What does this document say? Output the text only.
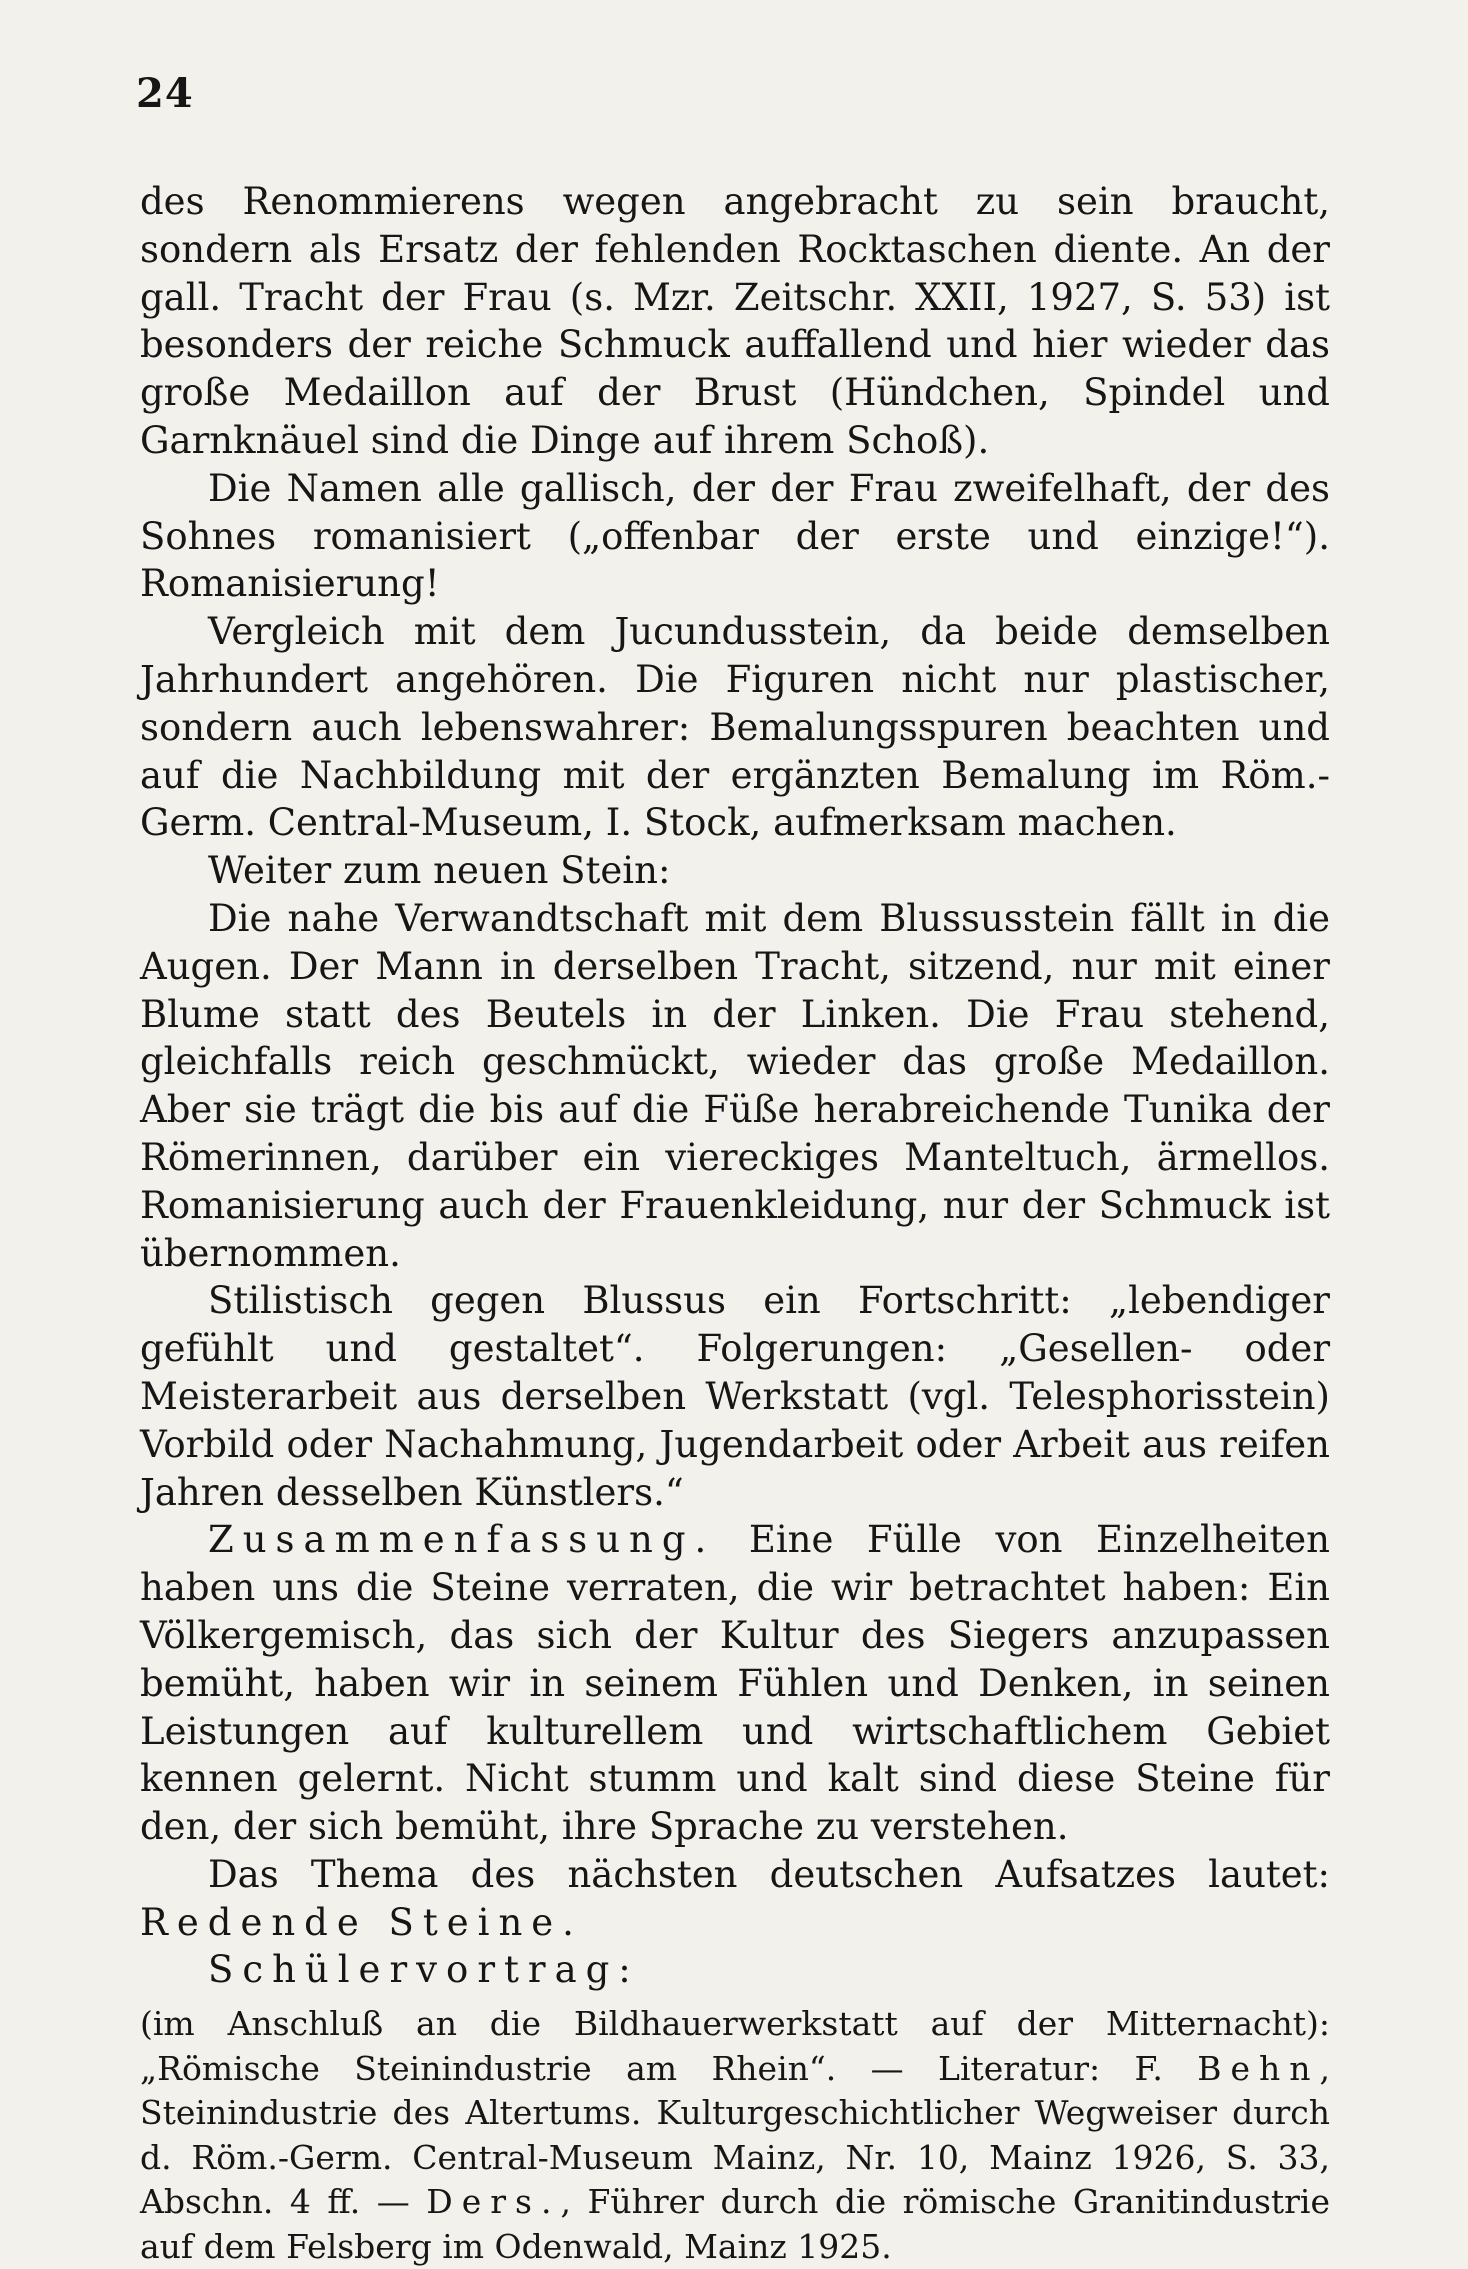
24

des Renommierens wegen angebracht zu sein braucht, sondern als Ersatz der fehlenden Rocktaschen diente. An der gall. Tracht der Frau (s. Mzr. Zeitschr. XXII, 1927, S. 53) ist besonders der reiche Schmuck auffallend und hier wieder das große Medaillon auf der Brust (Hündchen, Spindel und Garnknäuel sind die Dinge auf ihrem Schoß).

Die Namen alle gallisch, der der Frau zweifelhaft, der des Sohnes romanisiert („offenbar der erste und einzige!“). Romanisierung!

Vergleich mit dem Jucundusstein, da beide demselben Jahrhundert angehören. Die Figuren nicht nur plastischer, sondern auch lebenswahrer: Bemalungsspuren beachten und auf die Nachbildung mit der ergänzten Bemalung im Röm.-Germ. Central-Museum, I. Stock, aufmerksam machen.

Weiter zum neuen Stein:

Die nahe Verwandtschaft mit dem Blussusstein fällt in die Augen. Der Mann in derselben Tracht, sitzend, nur mit einer Blume statt des Beutels in der Linken. Die Frau stehend, gleichfalls reich geschmückt, wieder das große Medaillon. Aber sie trägt die bis auf die Füße herabreichende Tunika der Römerinnen, darüber ein viereckiges Manteltuch, ärmellos. Romanisierung auch der Frauenkleidung, nur der Schmuck ist übernommen.

Stilistisch gegen Blussus ein Fortschritt: „lebendiger gefühlt und gestaltet“. Folgerungen: „Gesellen- oder Meisterarbeit aus derselben Werkstatt (vgl. Telesphorisstein) Vorbild oder Nachahmung, Jugendarbeit oder Arbeit aus reifen Jahren desselben Künstlers.“

Zusammenfassung. Eine Fülle von Einzelheiten haben uns die Steine verraten, die wir betrachtet haben: Ein Völkergemisch, das sich der Kultur des Siegers anzupassen bemüht, haben wir in seinem Fühlen und Denken, in seinen Leistungen auf kulturellem und wirtschaftlichem Gebiet kennen gelernt. Nicht stumm und kalt sind diese Steine für den, der sich bemüht, ihre Sprache zu verstehen.

Das Thema des nächsten deutschen Aufsatzes lautet: Redende Steine.

Schülervortrag:

(im Anschluß an die Bildhauerwerkstatt auf der Mitternacht): „Römische Steinindustrie am Rhein“. — Literatur: F. Behn, Steinindustrie des Altertums. Kulturgeschichtlicher Wegweiser durch d. Röm.-Germ. Central-Museum Mainz, Nr. 10, Mainz 1926, S. 33, Abschn. 4 ff. — Ders., Führer durch die römische Granitindustrie auf dem Felsberg im Odenwald, Mainz 1925.
